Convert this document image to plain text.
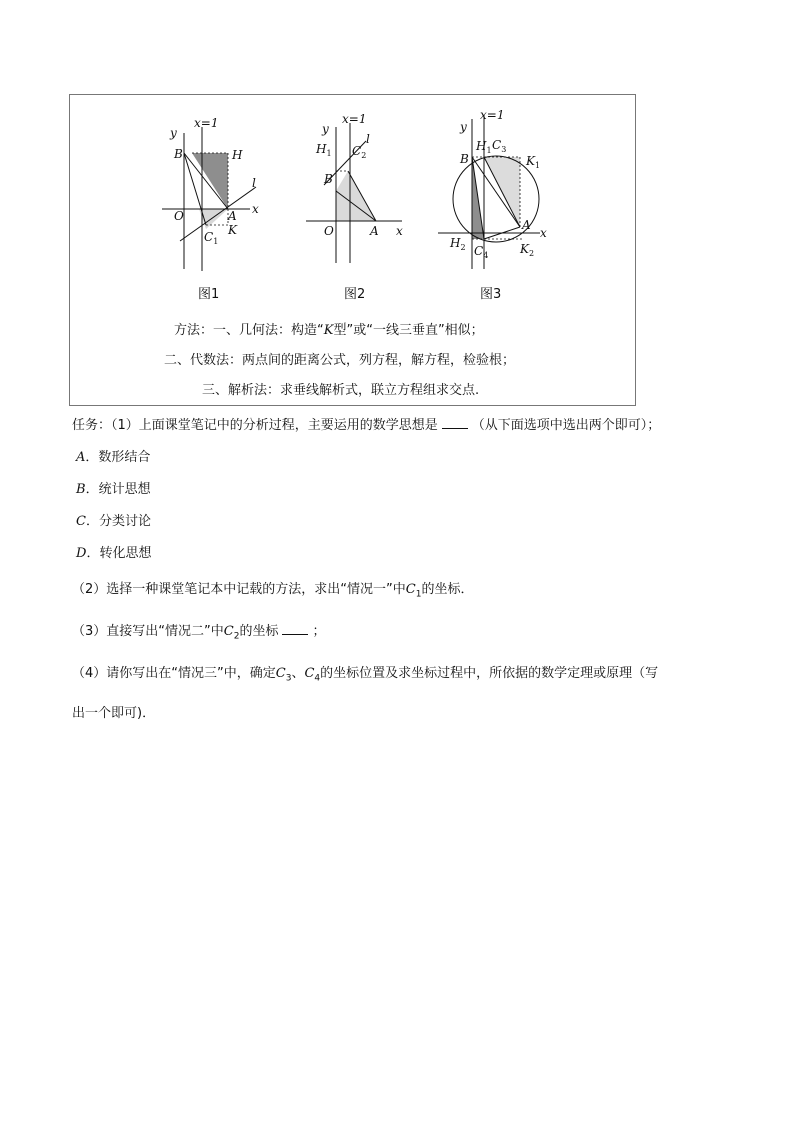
x=1
y
x
B	H
O	A
l
$C_1$
K
图1
x=1
y
x
$H_1$ $C_2$
l
B
O	A
图2
x=1
y
x
B
$H_1$ $C_3$
$K_1$
A
$H_2$ $C_4$	$K_2$
图3
方法：一、几何法：构造“K型”或“一线三垂直”相似；
二、代数法：两点间的距离公式，列方程，解方程，检验根；
三、解析法：求垂线解析式，联立方程组求交点.
任务：（1）上面课堂笔记中的分析过程，主要运用的数学思想是	（从下面选项中选出两个即可）；
A．数形结合
B．统计思想
C．分类讨论
D．转化思想
（2）选择一种课堂笔记本中记载的方法，求出“情况一”中$C_1$的坐标．
（3）直接写出“情况二”中$C_2$的坐标	；
（4）请你写出在“情况三”中，确定$C_3$、$C_4$的坐标位置及求坐标过程中，所依据的数学定理或原理（写
出一个即可)．
